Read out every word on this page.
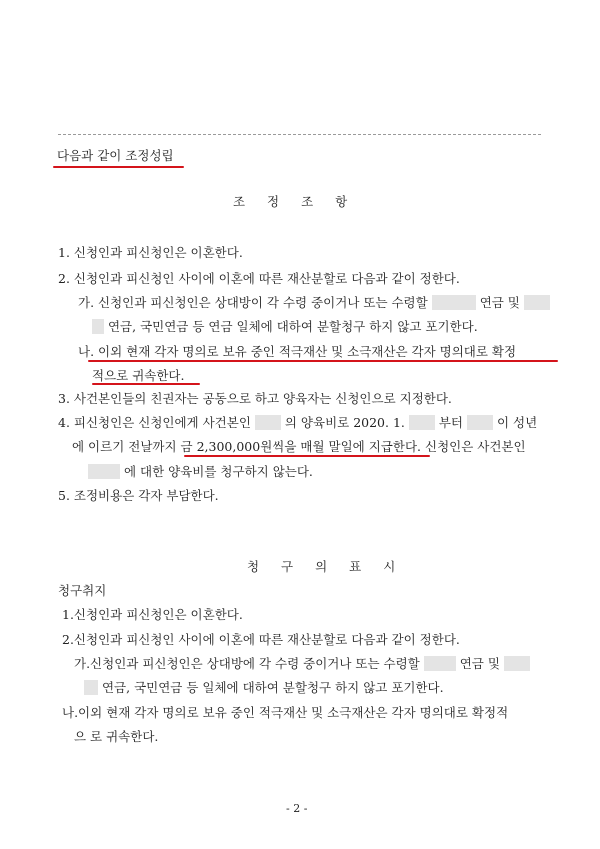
다음과 같이 조정성립
조 정 조 항
1. 신청인과 피신청인은 이혼한다.
2. 신청인과 피신청인 사이에 이혼에 따른 재산분할로 다음과 같이 정한다.
가. 신청인과 피신청인은 상대방이 각 수령 중이거나 또는 수령할	연금 및
연금, 국민연금 등 연금 일체에 대하여 분할청구 하지 않고 포기한다.
나. 이외 현재 각자 명의로 보유 중인 적극재산 및 소극재산은 각자 명의대로 확정
적으로 귀속한다.
3. 사건본인들의 친권자는 공동으로 하고 양육자는 신청인으로 지정한다.
4. 피신청인은 신청인에게 사건본인	의 양육비로 2020. 1.	부터	이 성년
에 이르기 전날까지 금 2,300,000원씩을 매월 말일에 지급한다. 신청인은 사건본인
에 대한 양육비를 청구하지 않는다.
5. 조정비용은 각자 부담한다.
청 구 의 표 시
청구취지
1.신청인과 피신청인은 이혼한다.
2.신청인과 피신청인 사이에 이혼에 따른 재산분할로 다음과 같이 정한다.
가.신청인과 피신청인은 상대방에 각 수령 중이거나 또는 수령할	연금 및
연금, 국민연금 등 일체에 대하여 분할청구 하지 않고 포기한다.
나.이외 현재 각자 명의로 보유 중인 적극재산 및 소극재산은 각자 명의대로 확정적
으 로 귀속한다.
- 2 -
